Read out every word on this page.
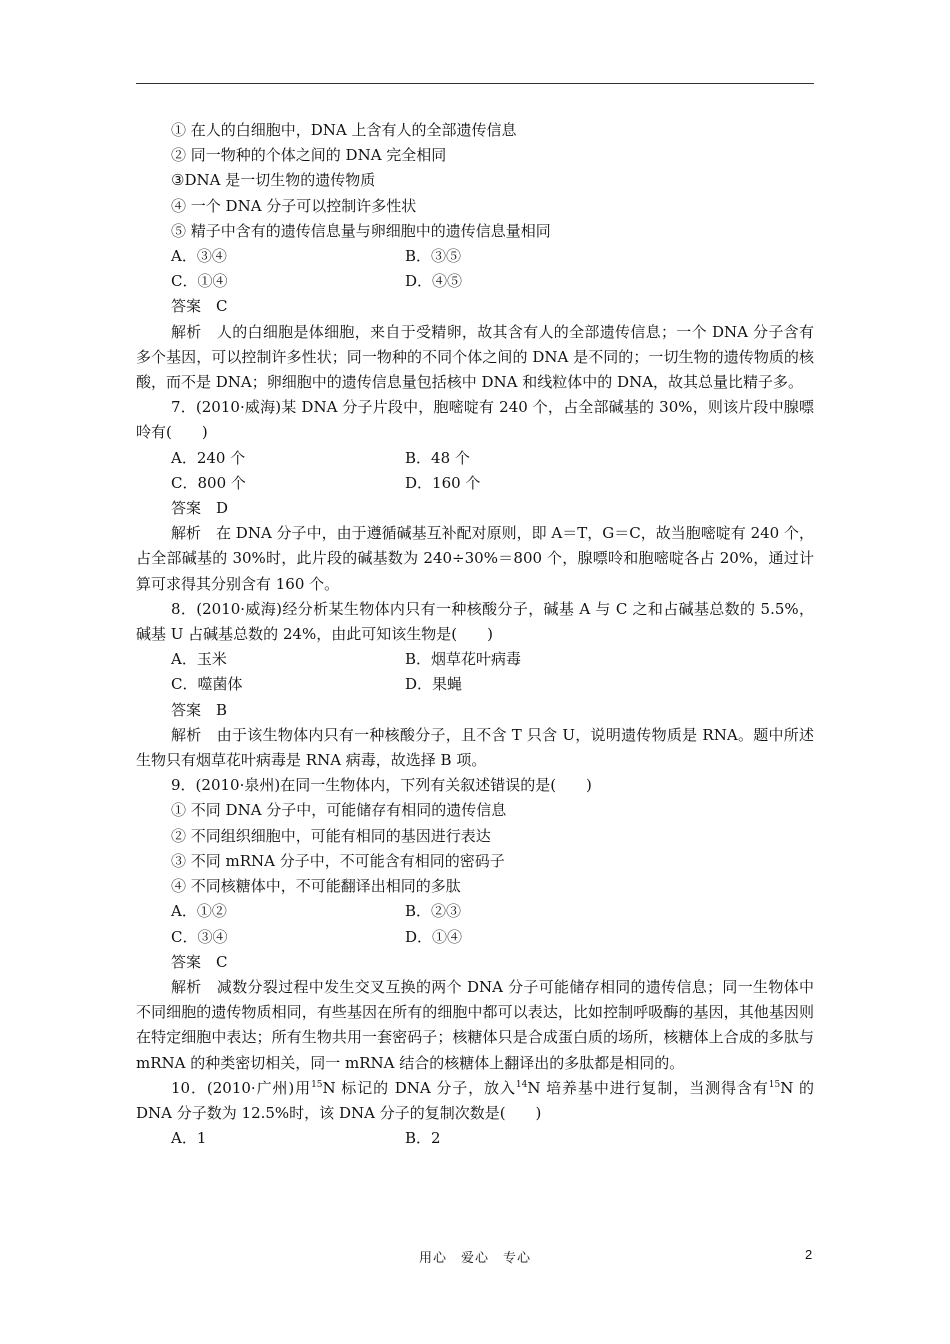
① 在人的白细胞中，DNA 上含有人的全部遗传信息
② 同一物种的个体之间的 DNA 完全相同
③DNA 是一切生物的遗传物质
④ 一个 DNA 分子可以控制许多性状
⑤ 精子中含有的遗传信息量与卵细胞中的遗传信息量相同
A．③④	B．③⑤
C．①④	D．④⑤
答案　C
解析　人的白细胞是体细胞，来自于受精卵，故其含有人的全部遗传信息；一个 DNA 分子含有多个基因，可以控制许多性状；同一物种的不同个体之间的 DNA 是不同的；一切生物的遗传物质的核酸，而不是 DNA；卵细胞中的遗传信息量包括核中 DNA 和线粒体中的 DNA，故其总量比精子多。
7．(2010·威海)某 DNA 分子片段中，胞嘧啶有 240 个，占全部碱基的 30%，则该片段中腺嘌呤有(　　)
A．240 个	B．48 个
C．800 个	D．160 个
答案　D
解析　在 DNA 分子中，由于遵循碱基互补配对原则，即 A＝T，G＝C，故当胞嘧啶有 240 个，占全部碱基的 30%时，此片段的碱基数为 240÷30%＝800 个，腺嘌呤和胞嘧啶各占 20%，通过计算可求得其分别含有 160 个。
8．(2010·威海)经分析某生物体内只有一种核酸分子，碱基 A 与 C 之和占碱基总数的 5.5%，碱基 U 占碱基总数的 24%，由此可知该生物是(　　)
A．玉米	B．烟草花叶病毒
C．噬菌体	D．果蝇
答案　B
解析　由于该生物体内只有一种核酸分子，且不含 T 只含 U，说明遗传物质是 RNA。题中所述生物只有烟草花叶病毒是 RNA 病毒，故选择 B 项。
9．(2010·泉州)在同一生物体内，下列有关叙述错误的是(　　)
① 不同 DNA 分子中，可能储存有相同的遗传信息
② 不同组织细胞中，可能有相同的基因进行表达
③ 不同 mRNA 分子中，不可能含有相同的密码子
④ 不同核糖体中，不可能翻译出相同的多肽
A．①②	B．②③
C．③④	D．①④
答案　C
解析　减数分裂过程中发生交叉互换的两个 DNA 分子可能储存相同的遗传信息；同一生物体中不同细胞的遗传物质相同，有些基因在所有的细胞中都可以表达，比如控制呼吸酶的基因，其他基因则在特定细胞中表达；所有生物共用一套密码子；核糖体只是合成蛋白质的场所，核糖体上合成的多肽与 mRNA 的种类密切相关，同一 mRNA 结合的核糖体上翻译出的多肽都是相同的。
10．(2010·广州)用$^{15}$N 标记的 DNA 分子，放入$^{14}$N 培养基中进行复制，当测得含有$^{15}$N 的 DNA 分子数为 12.5%时，该 DNA 分子的复制次数是(　　)
A．1	B．2
用心　爱心　专心	2
